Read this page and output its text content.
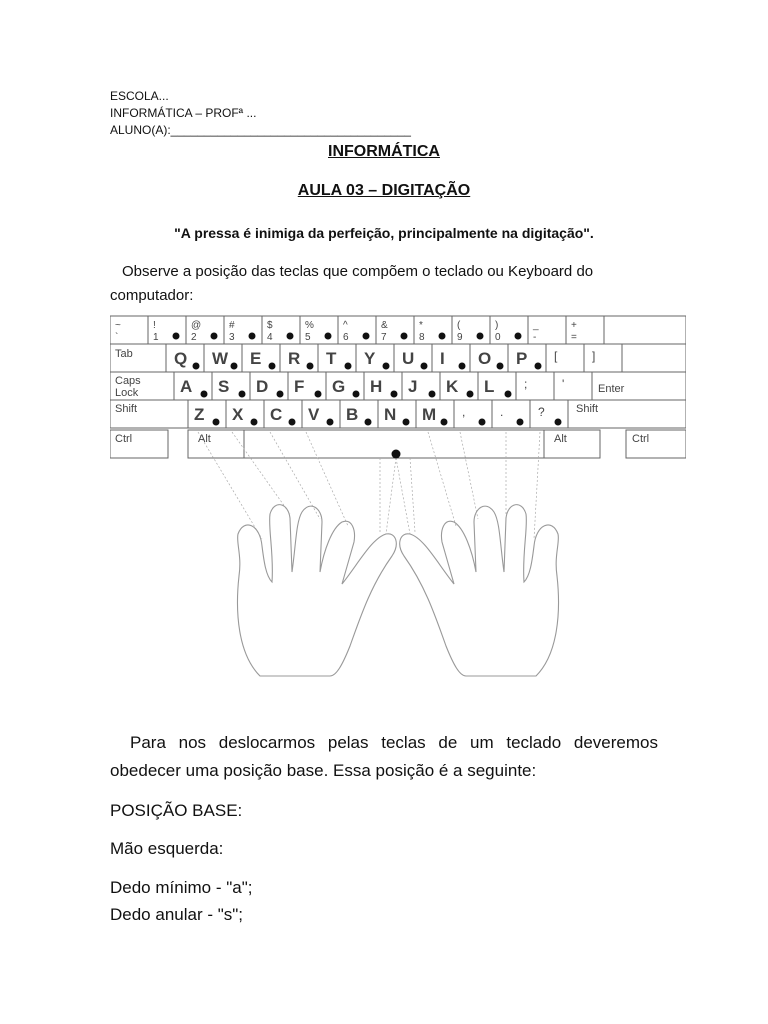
ESCOLA...
INFORMÁTICA – PROFª ...
ALUNO(A):____________________________________
INFORMÁTICA
AULA 03 – DIGITAÇÃO
"A pressa é inimiga da perfeição, principalmente na digitação".
Observe a posição das teclas que compõem o teclado ou Keyboard do
computador:
~
`
!
1
@
2
#
3
$
4
%
5
^
6
&
7
*
8
(
9
)
0
_
-
+
=
Tab Q W E R T Y U I O P [	]
Caps
Lock A S D F G H J K L ;	'	Enter
Shift	Z X C V B N M ,	.	?	Shift
Ctrl	Alt	Alt	Ctrl
Para nos deslocarmos pelas teclas de um teclado deveremos
obedecer uma posição base. Essa posição é a seguinte:
POSIÇÃO BASE:
Mão esquerda:
Dedo mínimo - "a";
Dedo anular - "s";
